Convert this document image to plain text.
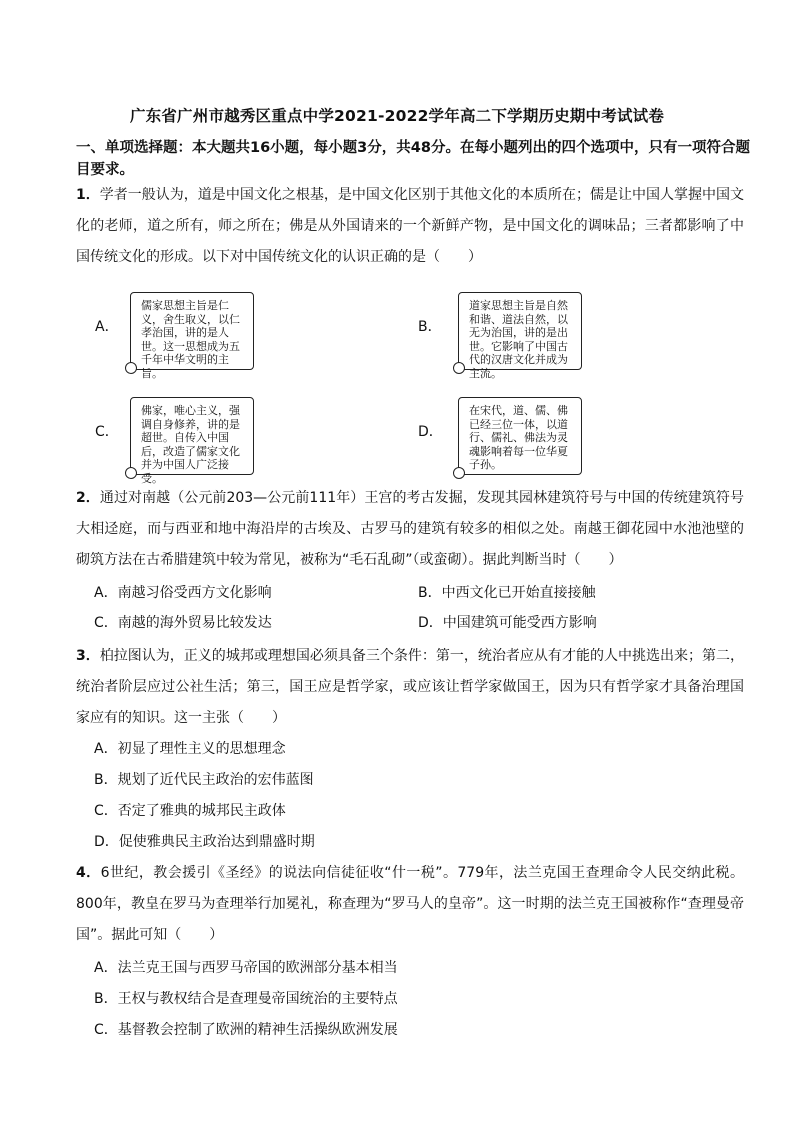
广东省广州市越秀区重点中学2021-2022学年高二下学期历史期中考试试卷
一、单项选择题：本大题共16小题，每小题3分，共48分。在每小题列出的四个选项中，只有一项符合题目要求。
1．学者一般认为，道是中国文化之根基，是中国文化区别于其他文化的本质所在；儒是让中国人掌握中国文化的老师，道之所有，师之所在；佛是从外国请来的一个新鲜产物，是中国文化的调味品；三者都影响了中国传统文化的形成。以下对中国传统文化的认识正确的是（　　）
A．
儒家思想主旨是仁义，舍生取义，以仁孝治国，讲的是人世。这一思想成为五千年中华文明的主旨。
B．
道家思想主旨是自然和谐、道法自然，以无为治国，讲的是出世。它影响了中国古代的汉唐文化并成为主流。
C．
佛家，唯心主义，强调自身修养，讲的是超世。自传入中国后，改造了儒家文化并为中国人广泛接受。
D．
在宋代，道、儒、佛已经三位一体，以道行、儒礼、佛法为灵魂影响着每一位华夏子孙。
2．通过对南越（公元前203—公元前111年）王宫的考古发掘，发现其园林建筑符号与中国的传统建筑符号大相迳庭，而与西亚和地中海沿岸的古埃及、古罗马的建筑有较多的相似之处。南越王御花园中水池池壁的砌筑方法在古希腊建筑中较为常见，被称为“毛石乱砌”（或蛮砌）。据此判断当时（　　）
A．南越习俗受西方文化影响	B．中西文化已开始直接接触
C．南越的海外贸易比较发达	D．中国建筑可能受西方影响
3．柏拉图认为，正义的城邦或理想国必须具备三个条件：第一，统治者应从有才能的人中挑选出来；第二，统治者阶层应过公社生活；第三，国王应是哲学家，或应该让哲学家做国王，因为只有哲学家才具备治理国家应有的知识。这一主张（　　）
A．初显了理性主义的思想理念
B．规划了近代民主政治的宏伟蓝图
C．否定了雅典的城邦民主政体
D．促使雅典民主政治达到鼎盛时期
4．6世纪，教会援引《圣经》的说法向信徒征收“什一税”。779年，法兰克国王查理命令人民交纳此税。800年，教皇在罗马为查理举行加冕礼，称查理为“罗马人的皇帝”。这一时期的法兰克王国被称作“查理曼帝国”。据此可知（　　）
A．法兰克王国与西罗马帝国的欧洲部分基本相当
B．王权与教权结合是查理曼帝国统治的主要特点
C．基督教会控制了欧洲的精神生活操纵欧洲发展
